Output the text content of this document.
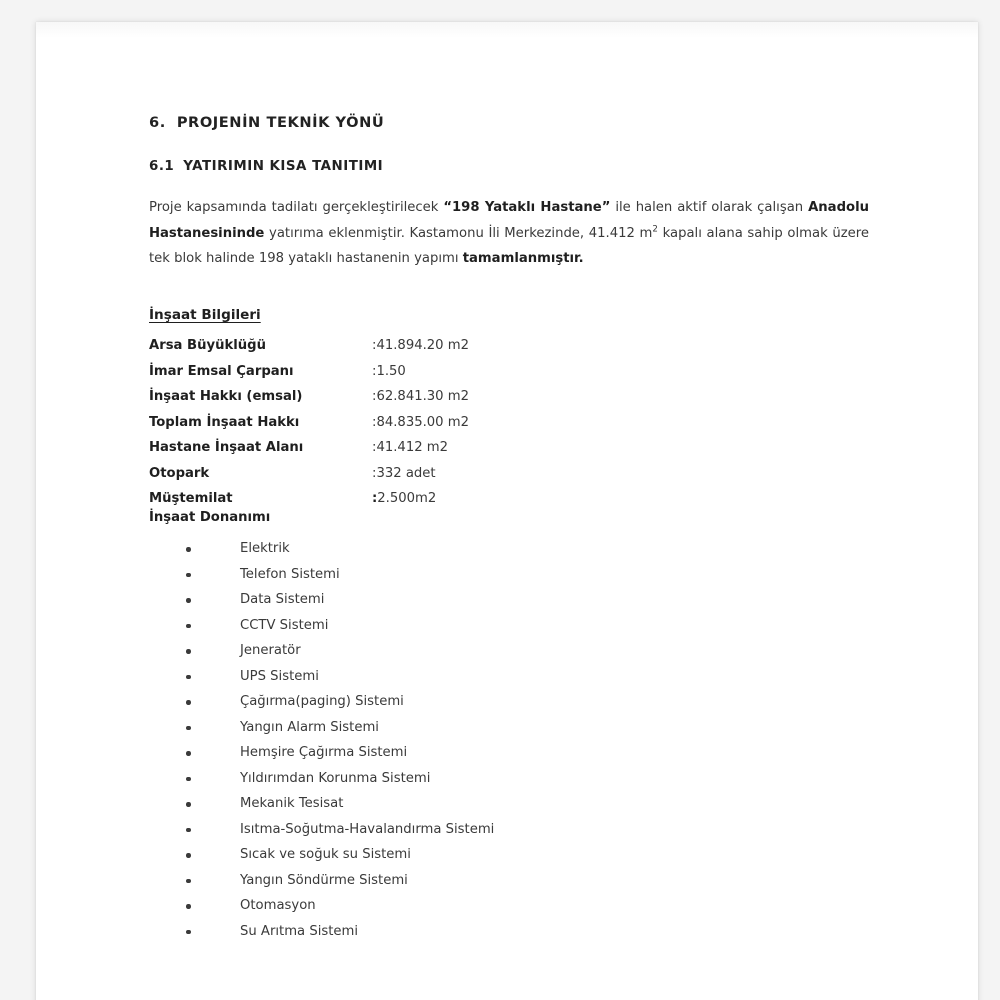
6. PROJENİN TEKNİK YÖNÜ
6.1 YATIRIMIN KISA TANITIMI

Proje kapsamında tadilatı gerçekleştirilecek “198 Yataklı Hastane” ile halen aktif olarak çalışan Anadolu Hastanesininde yatırıma eklenmiştir. Kastamonu İli Merkezinde, 41.412 $m^2$ kapalı alana sahip olmak üzere tek blok halinde 198 yataklı hastanenin yapımı tamamlanmıştır.

İnşaat Bilgileri
Arsa Büyüklüğü	:41.894.20 m2
İmar Emsal Çarpanı	:1.50
İnşaat Hakkı (emsal)	:62.841.30 m2
Toplam İnşaat Hakkı	:84.835.00 m2
Hastane İnşaat Alanı	:41.412 m2
Otopark	:332 adet
Müştemilat	:2.500m2
İnşaat Donanımı
Elektrik
Telefon Sistemi
Data Sistemi
CCTV Sistemi
Jeneratör
UPS Sistemi
Çağırma(paging) Sistemi
Yangın Alarm Sistemi
Hemşire Çağırma Sistemi
Yıldırımdan Korunma Sistemi
Mekanik Tesisat
Isıtma-Soğutma-Havalandırma Sistemi
Sıcak ve soğuk su Sistemi
Yangın Söndürme Sistemi
Otomasyon
Su Arıtma Sistemi
